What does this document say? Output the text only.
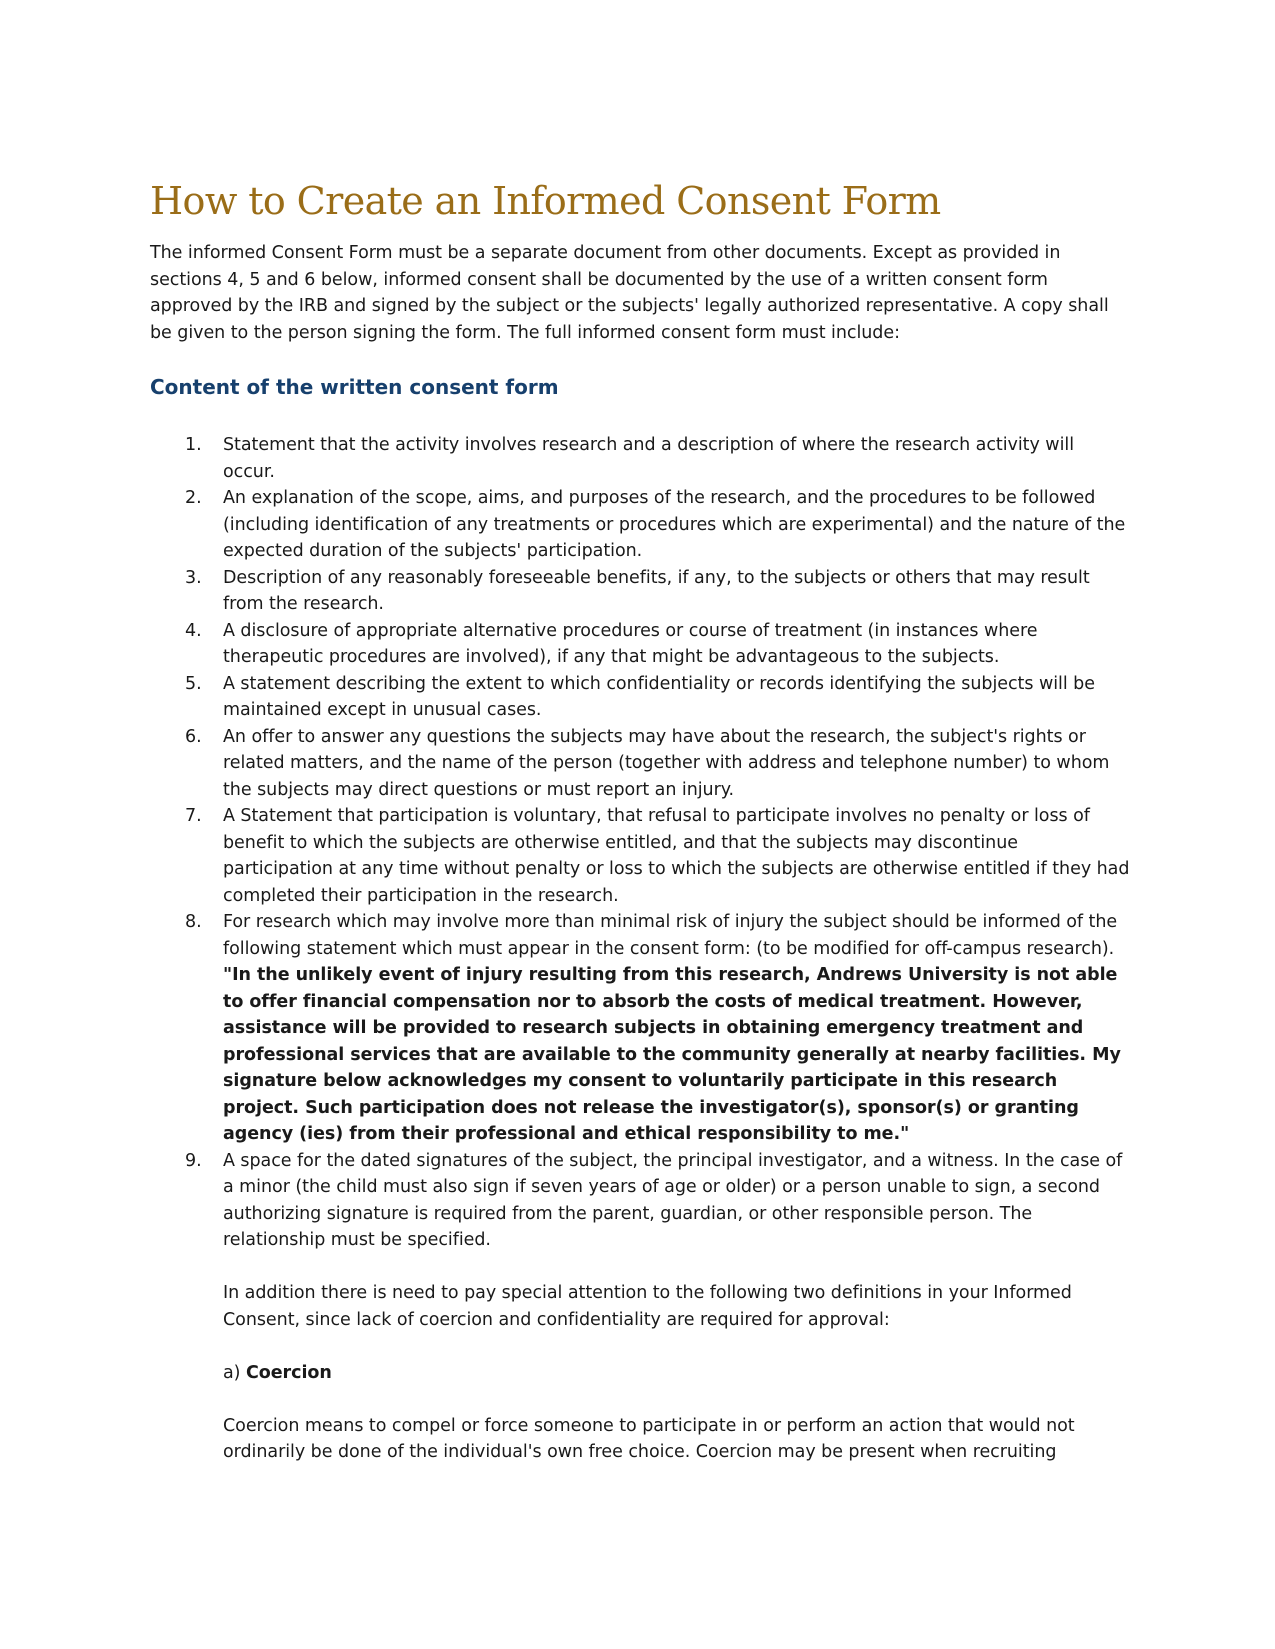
How to Create an Informed Consent Form

The informed Consent Form must be a separate document from other documents. Except as provided in sections 4, 5 and 6 below, informed consent shall be documented by the use of a written consent form approved by the IRB and signed by the subject or the subjects' legally authorized representative. A copy shall be given to the person signing the form. The full informed consent form must include:

Content of the written consent form
1. Statement that the activity involves research and a description of where the research activity will occur.
2. An explanation of the scope, aims, and purposes of the research, and the procedures to be followed (including identification of any treatments or procedures which are experimental) and the nature of the expected duration of the subjects' participation.
3. Description of any reasonably foreseeable benefits, if any, to the subjects or others that may result from the research.
4. A disclosure of appropriate alternative procedures or course of treatment (in instances where therapeutic procedures are involved), if any that might be advantageous to the subjects.
5. A statement describing the extent to which confidentiality or records identifying the subjects will be maintained except in unusual cases.
6. An offer to answer any questions the subjects may have about the research, the subject's rights or related matters, and the name of the person (together with address and telephone number) to whom the subjects may direct questions or must report an injury.
7. A Statement that participation is voluntary, that refusal to participate involves no penalty or loss of benefit to which the subjects are otherwise entitled, and that the subjects may discontinue participation at any time without penalty or loss to which the subjects are otherwise entitled if they had completed their participation in the research.
8. For research which may involve more than minimal risk of injury the subject should be informed of the following statement which must appear in the consent form: (to be modified for off-campus research). "In the unlikely event of injury resulting from this research, Andrews University is not able to offer financial compensation nor to absorb the costs of medical treatment. However, assistance will be provided to research subjects in obtaining emergency treatment and professional services that are available to the community generally at nearby facilities. My signature below acknowledges my consent to voluntarily participate in this research project. Such participation does not release the investigator(s), sponsor(s) or granting agency (ies) from their professional and ethical responsibility to me."
9. A space for the dated signatures of the subject, the principal investigator, and a witness. In the case of a minor (the child must also sign if seven years of age or older) or a person unable to sign, a second authorizing signature is required from the parent, guardian, or other responsible person. The relationship must be specified.

In addition there is need to pay special attention to the following two definitions in your Informed Consent, since lack of coercion and confidentiality are required for approval:

a) Coercion

Coercion means to compel or force someone to participate in or perform an action that would not ordinarily be done of the individual's own free choice. Coercion may be present when recruiting
